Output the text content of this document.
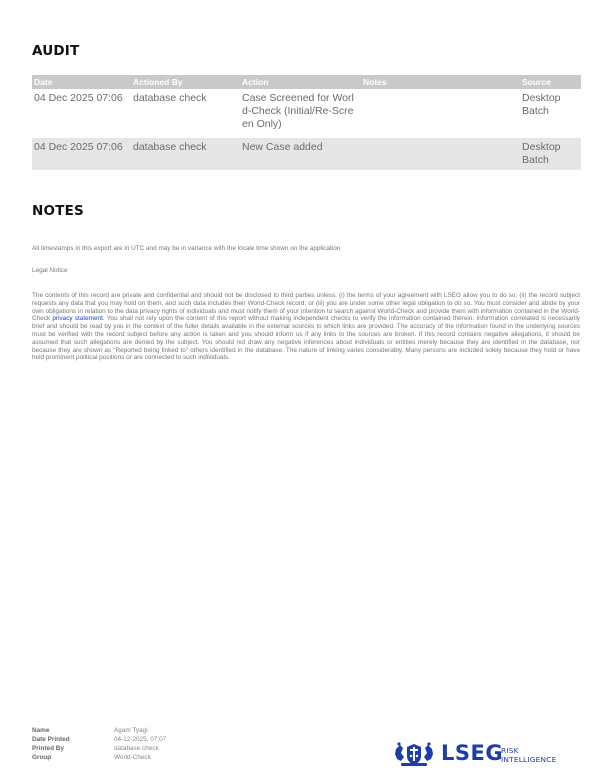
AUDIT
Date	Actioned By	Action	Notes	Source
04 Dec 2025 07:06	database check	Case Screened for World-Check (Initial/Re-Screen Only)		Desktop Batch

04 Dec 2025 07:06	database check	New Case added		Desktop Batch
NOTES

All timestamps in this export are in UTC and may be in variance with the locale time shown on the application

Legal Notice

The contents of this record are private and confidential and should not be disclosed to third parties unless: (i) the terms of your agreement with LSEG allow you to do so; (ii) the record subject requests any data that you may hold on them, and such data includes their World-Check record; or (iii) you are under some other legal obligation to do so. You must consider and abide by your own obligations in relation to the data privacy rights of individuals and must notify them of your intention to search against World-Check and provide them with information contained in the World-Check privacy statement. You shall not rely upon the content of this report without making independent checks to verify the information contained therein. Information correlated is necessarily brief and should be read by you in the context of the fuller details available in the external sources to which links are provided. The accuracy of the information found in the underlying sources must be verified with the record subject before any action is taken and you should inform us if any links to the sources are broken. If this record contains negative allegations, it should be assumed that such allegations are denied by the subject. You should not draw any negative inferences about individuals or entities merely because they are identified in the database, nor because they are shown as "Reported being linked to" others identified in the database. The nature of linking varies considerably. Many persons are included solely because they hold or have held prominent political positions or are connected to such individuals.

Name	Agam Tyagi
Date Printed	04-12-2025, 07:07
Printed By	database check
Group	World-Check	LSEG
RISK
INTELLIGENCE
